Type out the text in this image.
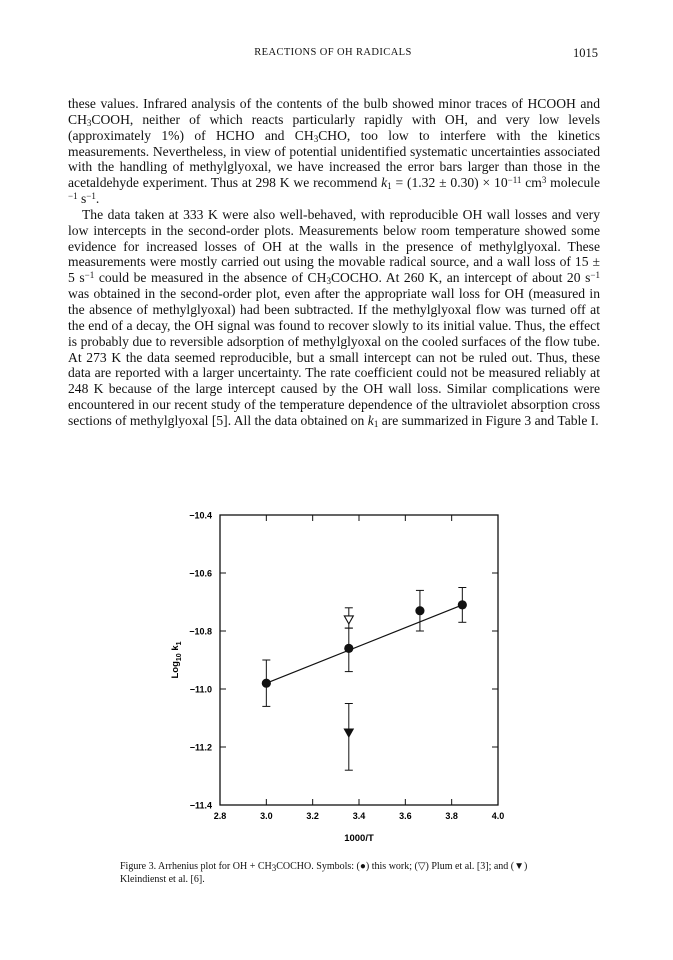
REACTIONS OF OH RADICALS	1015

these values. Infrared analysis of the contents of the bulb showed minor traces of HCOOH and $CH_3COOH$, neither of which reacts particularly rapidly with OH, and very low levels (approximately 1%) of HCHO and $CH_3CHO$, too low to interfere with the kinetics measurements. Nevertheless, in view of potential unidentified systematic uncertainties associated with the handling of methylglyoxal, we have increased the error bars larger than those in the acetaldehyde experiment. Thus at 298 K we recommend $k_1 = (1.32 \pm 0.30) \times 10^{-11}$ $cm^3$ molecule $^{-1}$ $s^{-1}$.

The data taken at 333 K were also well-behaved, with reproducible OH wall losses and very low intercepts in the second-order plots. Measurements below room temperature showed some evidence for increased losses of OH at the walls in the presence of methylglyoxal. These measurements were mostly carried out using the movable radical source, and a wall loss of 15 ± 5 $s^{-1}$ could be measured in the absence of $CH_3COCHO$. At 260 K, an intercept of about 20 $s^{-1}$ was obtained in the second-order plot, even after the appropriate wall loss for OH (measured in the absence of methylglyoxal) had been subtracted. If the methylglyoxal flow was turned off at the end of a decay, the OH signal was found to recover slowly to its initial value. Thus, the effect is probably due to reversible adsorption of methylglyoxal on the cooled surfaces of the flow tube. At 273 K the data seemed reproducible, but a small intercept can not be ruled out. Thus, these data are reported with a larger uncertainty. The rate coefficient could not be measured reliably at 248 K because of the large intercept caused by the OH wall loss. Similar complications were encountered in our recent study of the temperature dependence of the ultraviolet absorption cross sections of methylglyoxal [5]. All the data obtained on $k_1$ are summarized in Figure 3 and Table I.

2.8	3.0	3.2	3.4	3.6	3.8	4.0
−11.4
−11.2
−11.0
−10.8
−10.6
−10.4
1000/T
Log$_{10}$ $k_1$
Figure 3. Arrhenius plot for OH + $CH_3COCHO$. Symbols: (●) this work; (▽) Plum et al. [3]; and (▼) Kleindienst et al. [6].
